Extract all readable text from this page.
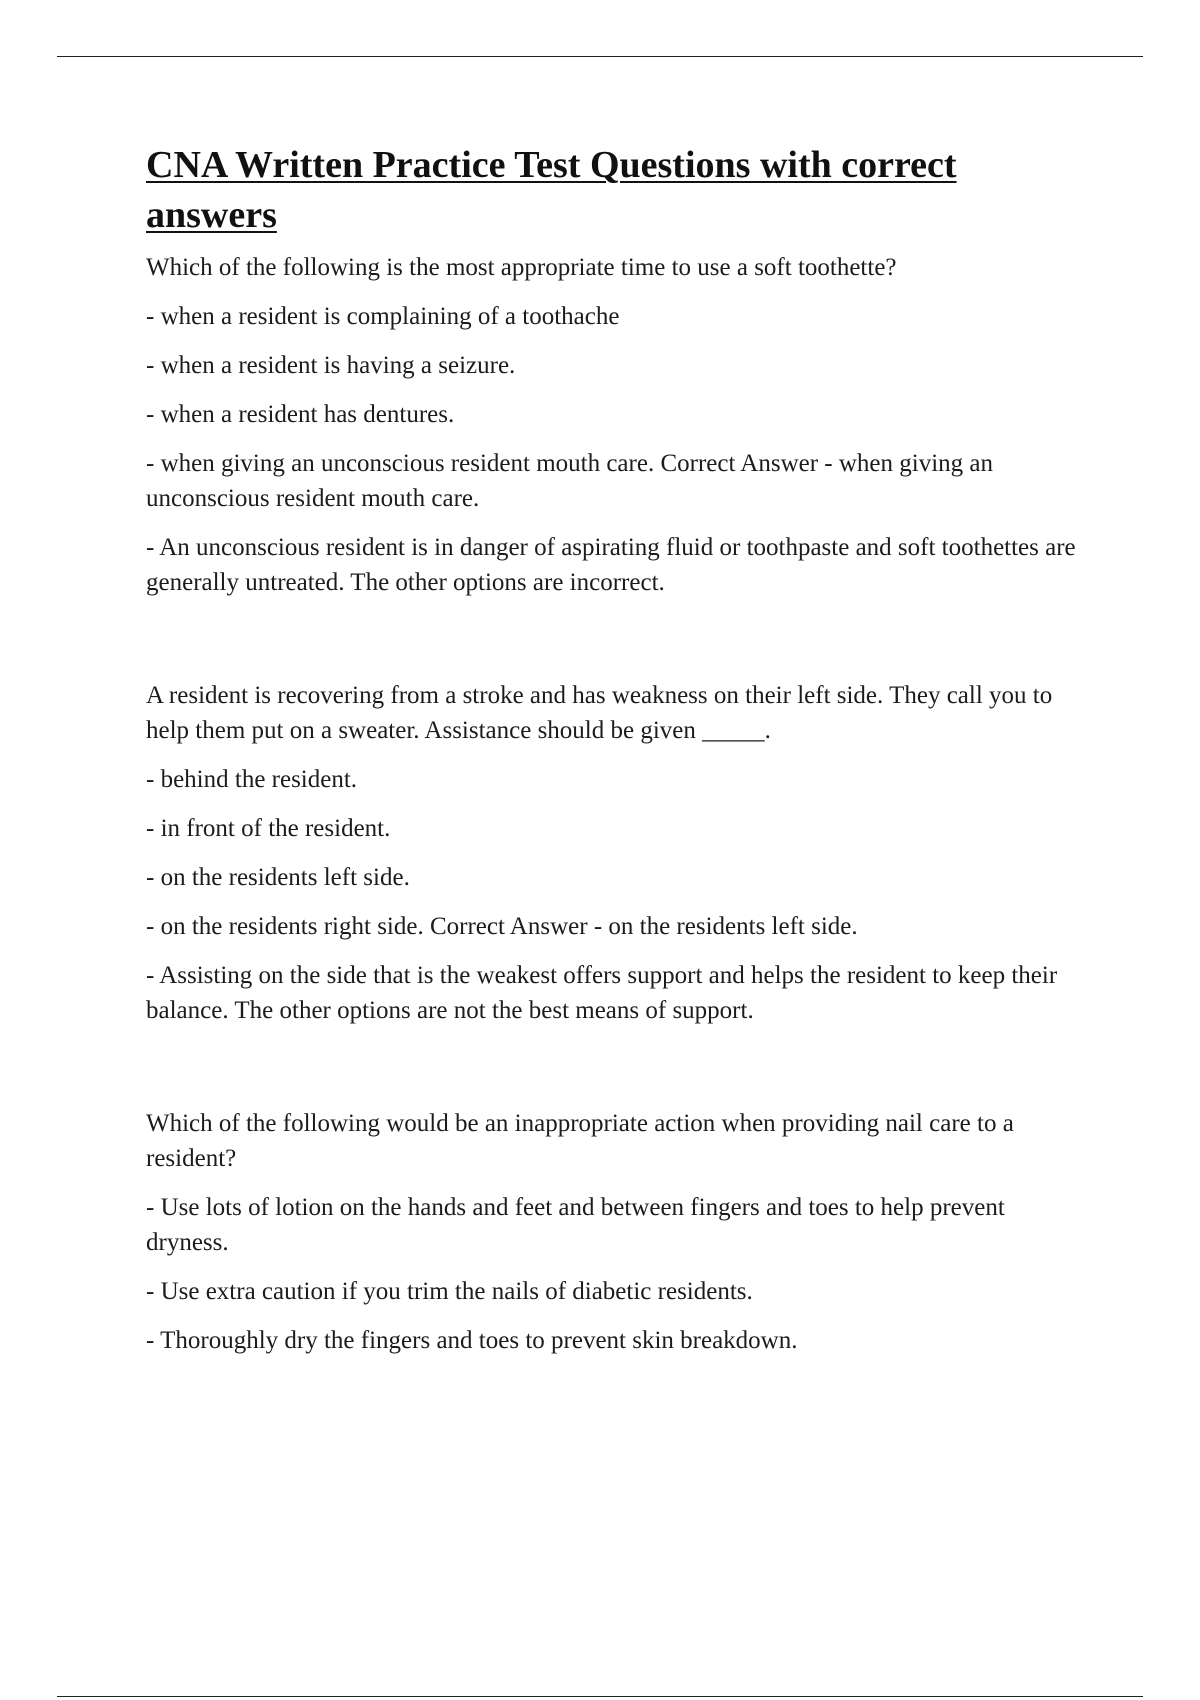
CNA Written Practice Test Questions with correct answers

Which of the following is the most appropriate time to use a soft toothette?

- when a resident is complaining of a toothache

- when a resident is having a seizure.

- when a resident has dentures.

- when giving an unconscious resident mouth care. Correct Answer - when giving an unconscious resident mouth care.

- An unconscious resident is in danger of aspirating fluid or toothpaste and soft toothettes are generally untreated. The other options are incorrect.

A resident is recovering from a stroke and has weakness on their left side. They call you to help them put on a sweater. Assistance should be given _____.

- behind the resident.

- in front of the resident.

- on the residents left side.

- on the residents right side. Correct Answer - on the residents left side.

- Assisting on the side that is the weakest offers support and helps the resident to keep their balance. The other options are not the best means of support.

Which of the following would be an inappropriate action when providing nail care to a resident?

- Use lots of lotion on the hands and feet and between fingers and toes to help prevent dryness.

- Use extra caution if you trim the nails of diabetic residents.

- Thoroughly dry the fingers and toes to prevent skin breakdown.
